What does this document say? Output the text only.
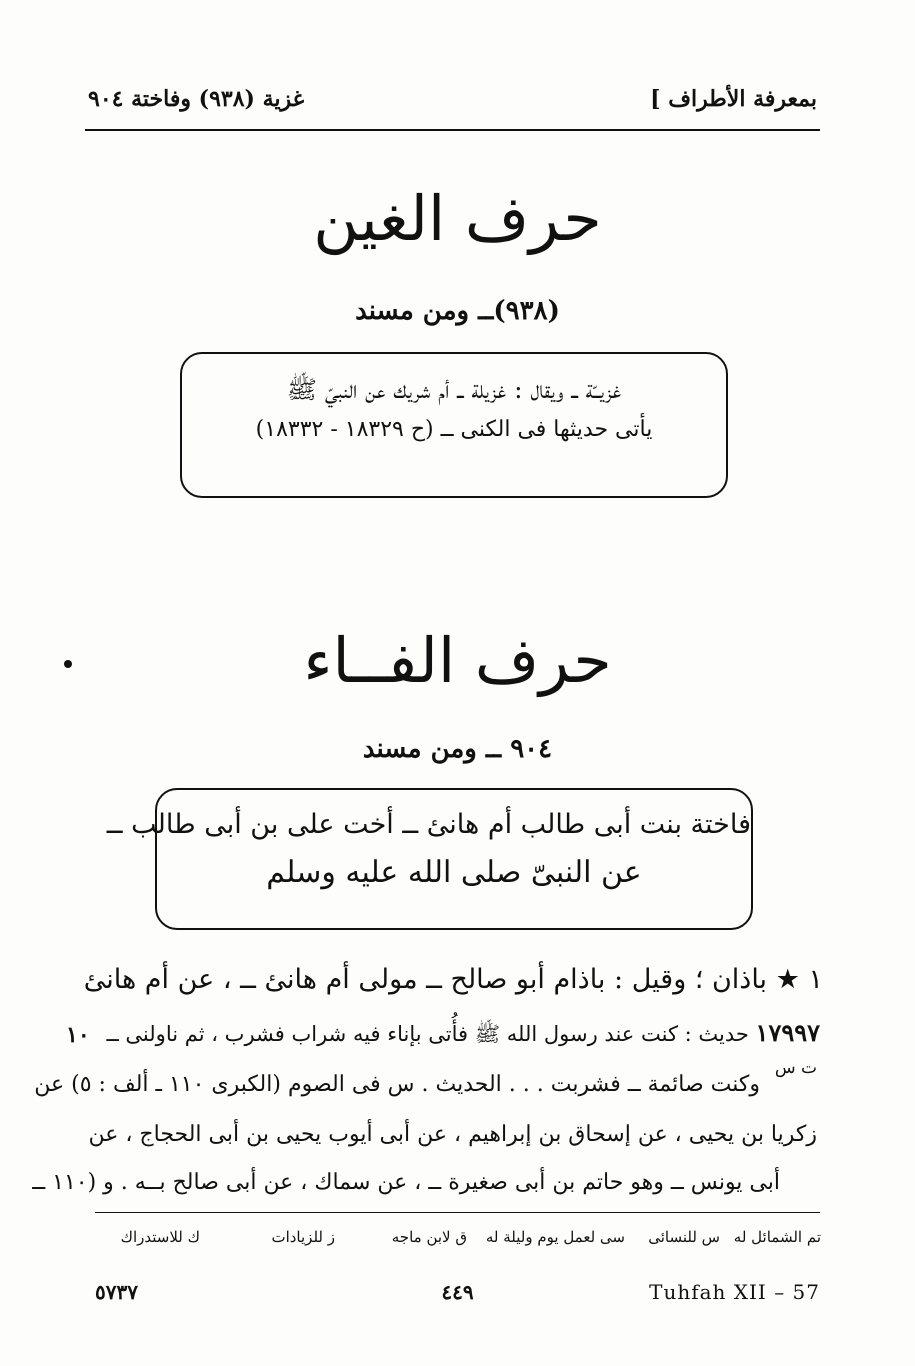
بمعرفة الأطراف ]
غزية (٩٣٨) وفاختة ٩٠٤
حرف الغين
(٩٣٨)ــ ومن مسند
غزيــّة ــ ويقال : غزيلة ــ أم شريك عن النبيّ ﷺ
يأتى حديثها فى الكنى ــ (ح ١٨٣٢٩ - ١٨٣٣٢)
حرف الفــاء
٩٠٤ ــ ومن مسند
فاختة بنت أبى طالب أم هانئ ــ أخت على بن أبى طالب ــ
عن النبىّ صلى الله عليه وسلم
١ ★ باذان ؛ وقيل : باذام أبو صالح ــ مولى أم هانئ ــ ، عن أم هانئ
١٧٩٩٧ حديث : كنت عند رسول الله ﷺ فأُتى بإناء فيه شراب فشرب ، ثم ناولنى ــ
١٠
ت س
وكنت صائمة ــ فشربت . . . الحديث . س فى الصوم (الكبرى ١١٠ ـ ألف : ٥) عن
زكريا بن يحيى ، عن إسحاق بن إبراهيم ، عن أبى أيوب يحيى بن أبى الحجاج ، عن
أبى يونس ــ وهو حاتم بن أبى صغيرة ــ ، عن سماك ، عن أبى صالح بــه . و (١١٠ ــ
تم الشمائل له
س للنسائى
سى لعمل يوم وليلة له
ق لابن ماجه
ز للزيادات
ك للاستدراك
Tuhfah XII – 57
٤٤٩
٥٧٣٧
